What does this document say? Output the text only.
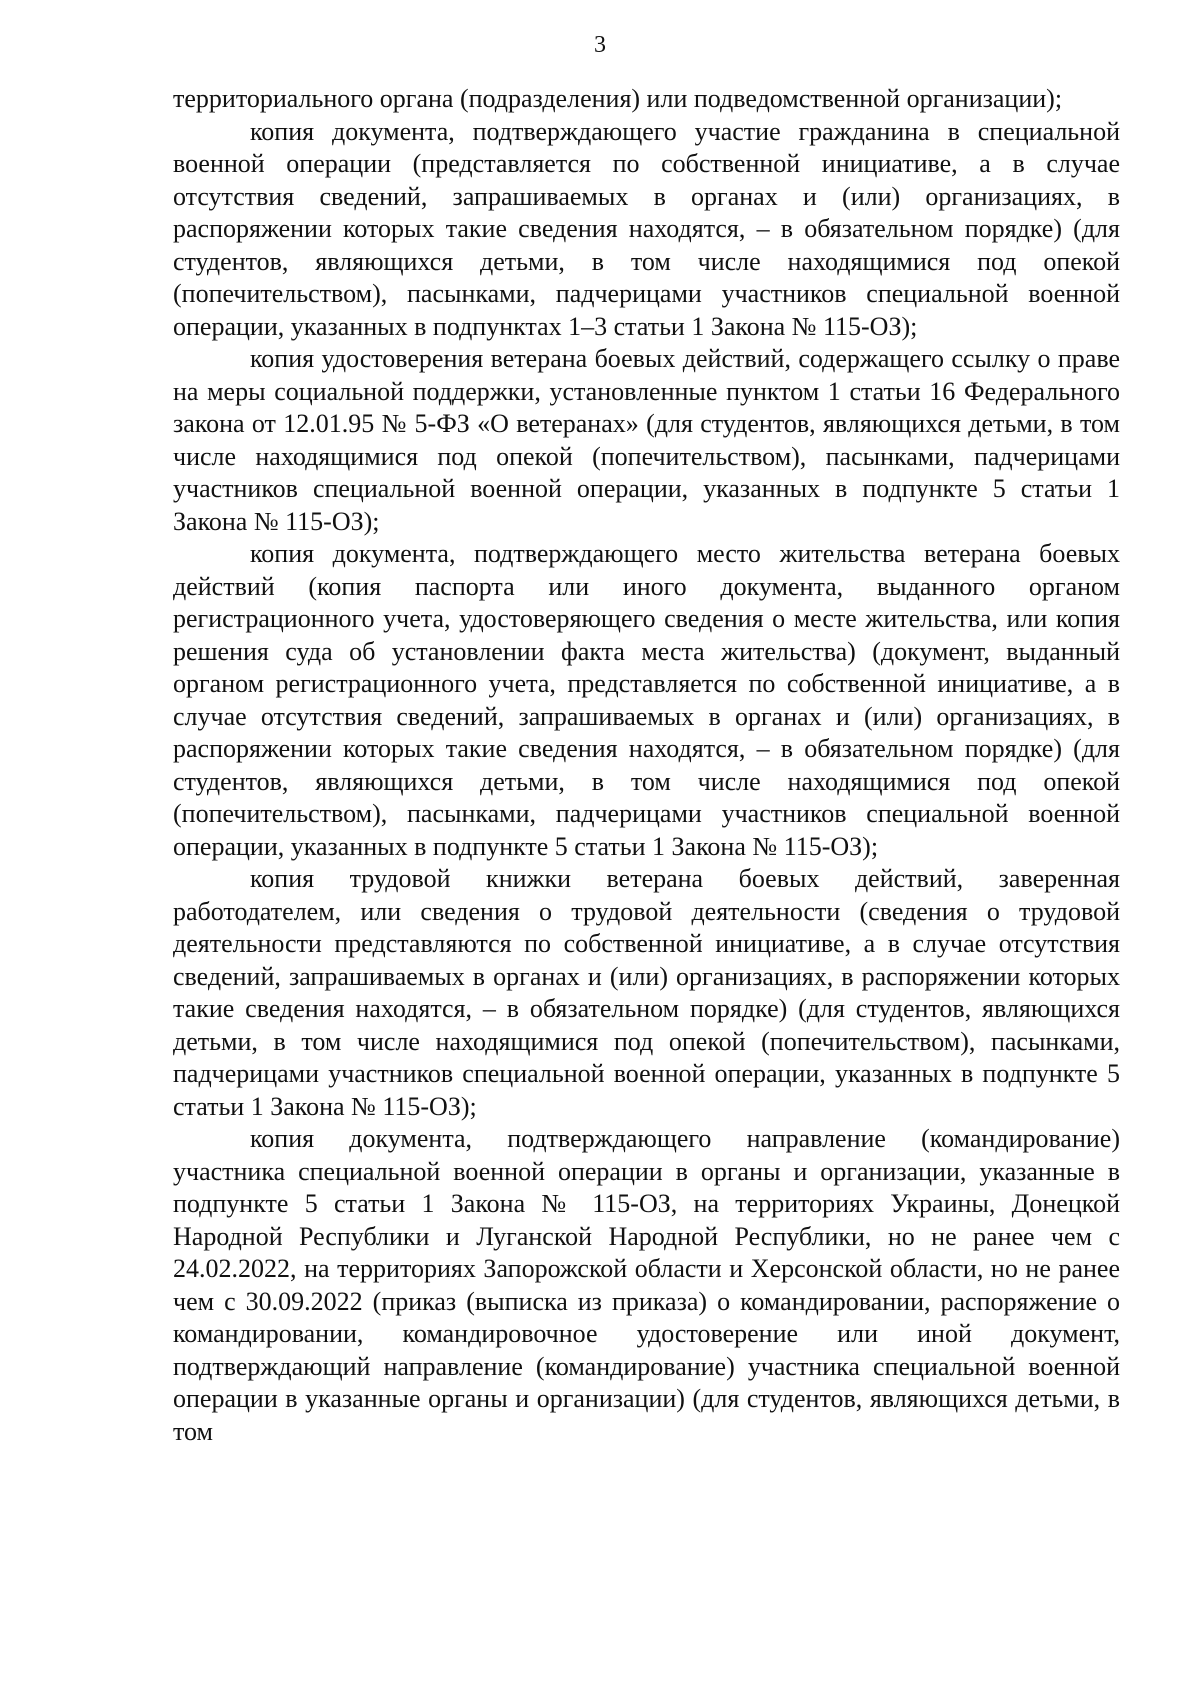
3

территориального органа (подразделения) или подведомственной организации);

копия документа, подтверждающего участие гражданина в специальной военной операции (представляется по собственной инициативе, а в случае отсутствия сведений, запрашиваемых в органах и (или) организациях, в распоряжении которых такие сведения находятся, – в обязательном порядке) (для студентов, являющихся детьми, в том числе находящимися под опекой (попечительством), пасынками, падчерицами участников специальной военной операции, указанных в подпунктах 1–3 статьи 1 Закона № 115-ОЗ);

копия удостоверения ветерана боевых действий, содержащего ссылку о праве на меры социальной поддержки, установленные пунктом 1 статьи 16 Федерального закона от 12.01.95 № 5-ФЗ «О ветеранах» (для студентов, являющихся детьми, в том числе находящимися под опекой (попечительством), пасынками, падчерицами участников специальной военной операции, указанных в подпункте 5 статьи 1 Закона № 115-ОЗ);

копия документа, подтверждающего место жительства ветерана боевых действий (копия паспорта или иного документа, выданного органом регистрационного учета, удостоверяющего сведения о месте жительства, или копия решения суда об установлении факта места жительства) (документ, выданный органом регистрационного учета, представляется по собственной инициативе, а в случае отсутствия сведений, запрашиваемых в органах и (или) организациях, в распоряжении которых такие сведения находятся, – в обязательном порядке) (для студентов, являющихся детьми, в том числе находящимися под опекой (попечительством), пасынками, падчерицами участников специальной военной операции, указанных в подпункте 5 статьи 1 Закона № 115-ОЗ);

копия трудовой книжки ветерана боевых действий, заверенная работодателем, или сведения о трудовой деятельности (сведения о трудовой деятельности представляются по собственной инициативе, а в случае отсутствия сведений, запрашиваемых в органах и (или) организациях, в распоряжении которых такие сведения находятся, – в обязательном порядке) (для студентов, являющихся детьми, в том числе находящимися под опекой (попечительством), пасынками, падчерицами участников специальной военной операции, указанных в подпункте 5 статьи 1 Закона № 115-ОЗ);

копия документа, подтверждающего направление (командирование) участника специальной военной операции в органы и организации, указанные в подпункте 5 статьи 1 Закона № 115-ОЗ, на территориях Украины, Донецкой Народной Республики и Луганской Народной Республики, но не ранее чем с 24.02.2022, на территориях Запорожской области и Херсонской области, но не ранее чем с 30.09.2022 (приказ (выписка из приказа) о командировании, распоряжение о командировании, командировочное удостоверение или иной документ, подтверждающий направление (командирование) участника специальной военной операции в указанные органы и организации) (для студентов, являющихся детьми, в том
